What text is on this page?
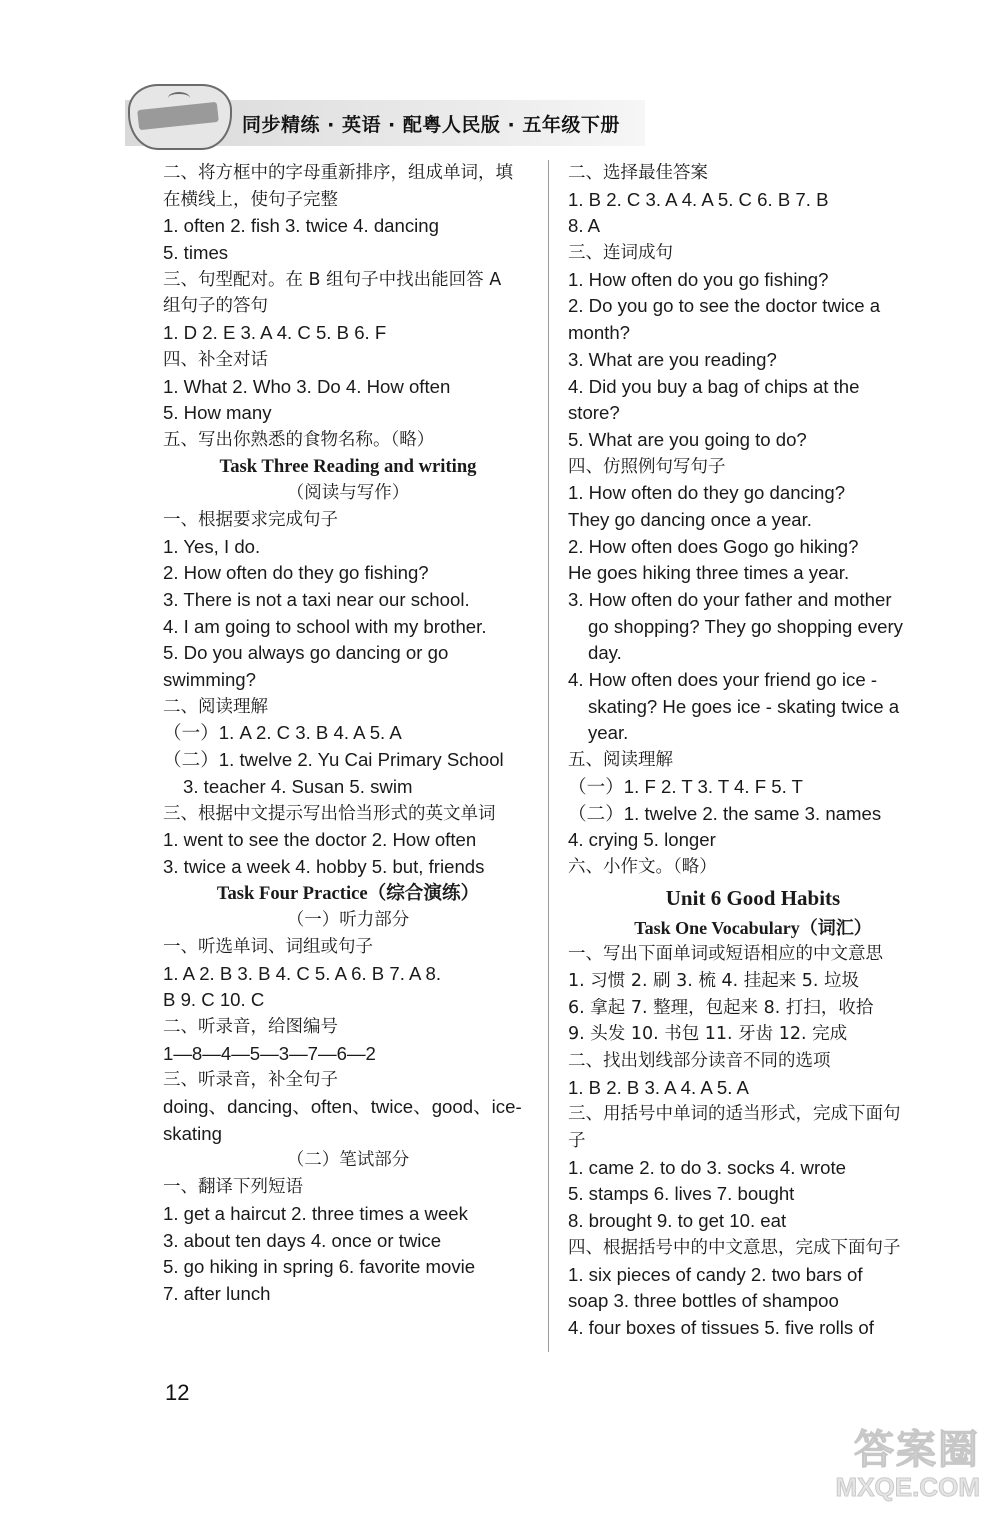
同步精练 · 英语 · 配粤人民版 · 五年级下册
二、将方框中的字母重新排序，组成单词，填
在横线上，使句子完整
1. often 2. fish 3. twice 4. dancing
5. times
三、句型配对。在 B 组句子中找出能回答 A
组句子的答句
1. D 2. E 3. A 4. C 5. B 6. F
四、补全对话
1. What 2. Who 3. Do 4. How often
5. How many
五、写出你熟悉的食物名称。（略）
Task Three Reading and writing
（阅读与写作）
一、根据要求完成句子
1. Yes, I do.
2. How often do they go fishing?
3. There is not a taxi near our school.
4. I am going to school with my brother.
5. Do you always go dancing or go
swimming?
二、阅读理解
（一）1. A 2. C 3. B 4. A 5. A
（二）1. twelve 2. Yu Cai Primary School
3. teacher 4. Susan 5. swim
三、根据中文提示写出恰当形式的英文单词
1. went to see the doctor 2. How often
3. twice a week 4. hobby 5. but, friends
Task Four Practice（综合演练）
（一）听力部分
一、听选单词、词组或句子
1. A 2. B 3. B 4. C 5. A 6. B 7. A 8.
B 9. C 10. C
二、听录音，给图编号
1—8—4—5—3—7—6—2
三、听录音，补全句子
doing、dancing、often、twice、good、ice-
skating
（二）笔试部分
一、翻译下列短语
1. get a haircut 2. three times a week
3. about ten days 4. once or twice
5. go hiking in spring 6. favorite movie
7. after lunch
二、选择最佳答案
1. B 2. C 3. A 4. A 5. C 6. B 7. B
8. A
三、连词成句
1. How often do you go fishing?
2. Do you go to see the doctor twice a
month?
3. What are you reading?
4. Did you buy a bag of chips at the
store?
5. What are you going to do?
四、仿照例句写句子
1. How often do they go dancing?
They go dancing once a year.
2. How often does Gogo go hiking?
He goes hiking three times a year.
3. How often do your father and mother
go shopping? They go shopping every
day.
4. How often does your friend go ice -
skating? He goes ice - skating twice a
year.
五、阅读理解
（一）1. F 2. T 3. T 4. F 5. T
（二）1. twelve 2. the same 3. names
4. crying 5. longer
六、小作文。（略）
Unit 6 Good Habits
Task One Vocabulary（词汇）
一、写出下面单词或短语相应的中文意思
1. 习惯 2. 刷 3. 梳 4. 挂起来 5. 垃圾
6. 拿起 7. 整理，包起来 8. 打扫，收拾
9. 头发 10. 书包 11. 牙齿 12. 完成
二、找出划线部分读音不同的选项
1. B 2. B 3. A 4. A 5. A
三、用括号中单词的适当形式，完成下面句
子
1. came 2. to do 3. socks 4. wrote
5. stamps 6. lives 7. bought
8. brought 9. to get 10. eat
四、根据括号中的中文意思，完成下面句子
1. six pieces of candy 2. two bars of
soap 3. three bottles of shampoo
4. four boxes of tissues 5. five rolls of
12
答案圈
MXQE.COM
